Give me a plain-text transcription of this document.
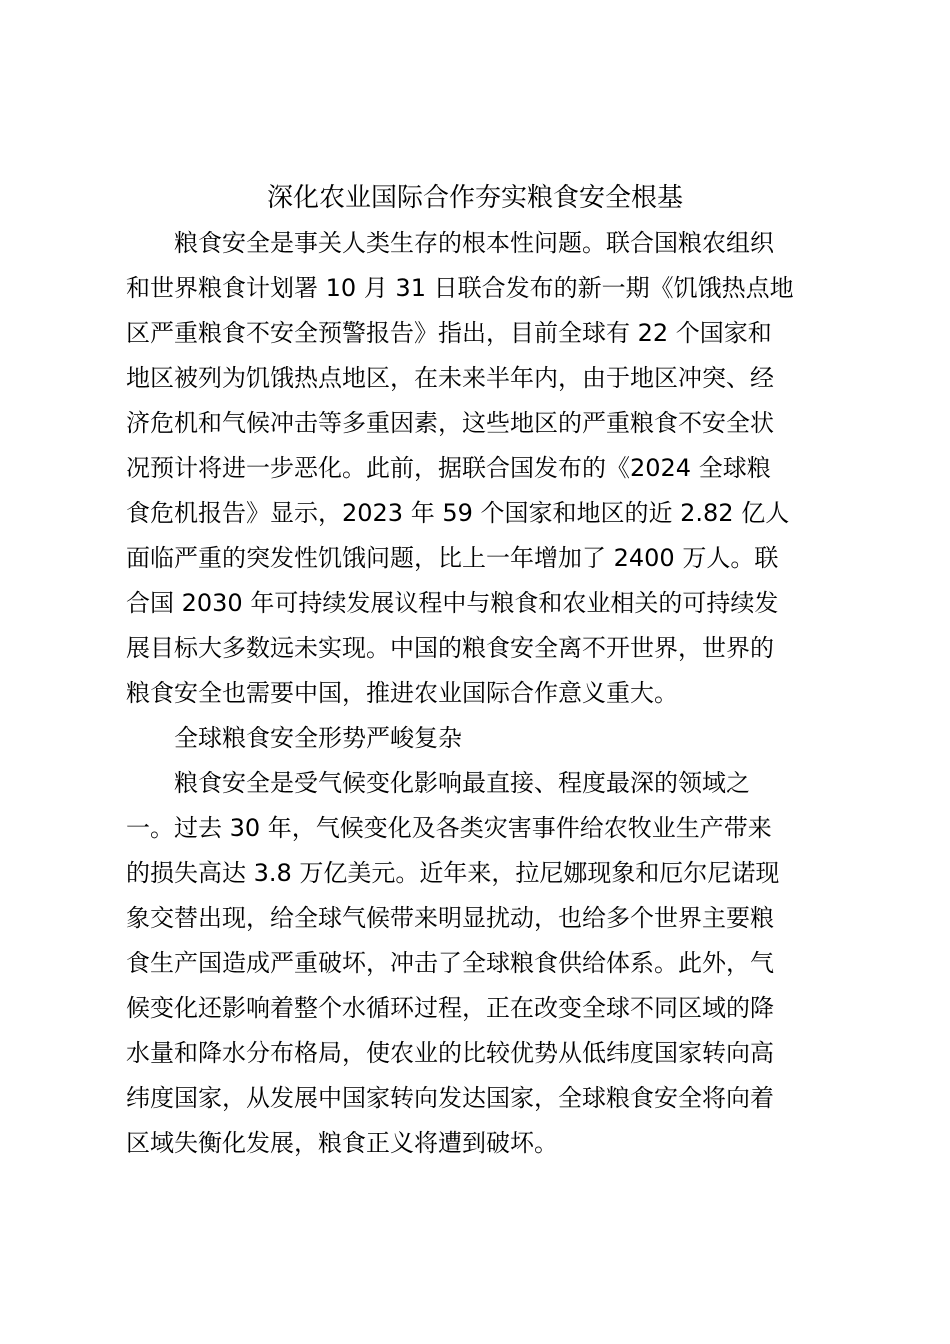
深化农业国际合作夯实粮食安全根基
粮食安全是事关人类生存的根本性问题。联合国粮农组织
和世界粮食计划署 10 月 31 日联合发布的新一期《饥饿热点地
区严重粮食不安全预警报告》指出，目前全球有 22 个国家和
地区被列为饥饿热点地区，在未来半年内，由于地区冲突、经
济危机和气候冲击等多重因素，这些地区的严重粮食不安全状
况预计将进一步恶化。此前，据联合国发布的《2024 全球粮
食危机报告》显示，2023 年 59 个国家和地区的近 2.82 亿人
面临严重的突发性饥饿问题，比上一年增加了 2400 万人。联
合国 2030 年可持续发展议程中与粮食和农业相关的可持续发
展目标大多数远未实现。中国的粮食安全离不开世界，世界的
粮食安全也需要中国，推进农业国际合作意义重大。
全球粮食安全形势严峻复杂
粮食安全是受气候变化影响最直接、程度最深的领域之
一。过去 30 年，气候变化及各类灾害事件给农牧业生产带来
的损失高达 3.8 万亿美元。近年来，拉尼娜现象和厄尔尼诺现
象交替出现，给全球气候带来明显扰动，也给多个世界主要粮
食生产国造成严重破坏，冲击了全球粮食供给体系。此外，气
候变化还影响着整个水循环过程，正在改变全球不同区域的降
水量和降水分布格局，使农业的比较优势从低纬度国家转向高
纬度国家，从发展中国家转向发达国家，全球粮食安全将向着
区域失衡化发展，粮食正义将遭到破坏。
